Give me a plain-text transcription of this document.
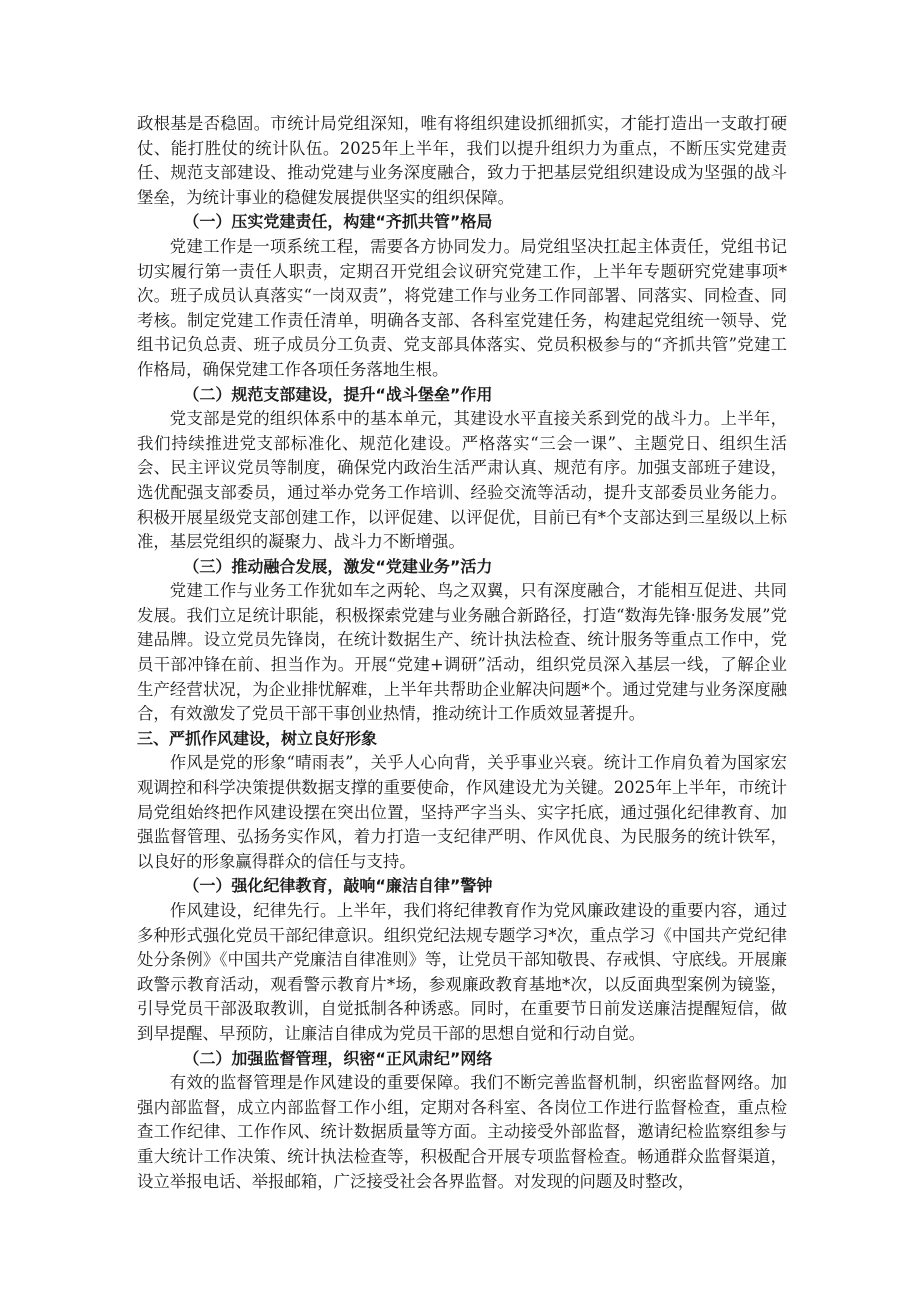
政根基是否稳固。市统计局党组深知，唯有将组织建设抓细抓实，才能打造出一支敢打硬仗、能打胜仗的统计队伍。2025年上半年，我们以提升组织力为重点，不断压实党建责任、规范支部建设、推动党建与业务深度融合，致力于把基层党组织建设成为坚强的战斗堡垒，为统计事业的稳健发展提供坚实的组织保障。

（一）压实党建责任，构建“齐抓共管”格局

党建工作是一项系统工程，需要各方协同发力。局党组坚决扛起主体责任，党组书记切实履行第一责任人职责，定期召开党组会议研究党建工作，上半年专题研究党建事项*次。班子成员认真落实“一岗双责”，将党建工作与业务工作同部署、同落实、同检查、同考核。制定党建工作责任清单，明确各支部、各科室党建任务，构建起党组统一领导、党组书记负总责、班子成员分工负责、党支部具体落实、党员积极参与的“齐抓共管”党建工作格局，确保党建工作各项任务落地生根。

（二）规范支部建设，提升“战斗堡垒”作用

党支部是党的组织体系中的基本单元，其建设水平直接关系到党的战斗力。上半年，我们持续推进党支部标准化、规范化建设。严格落实“三会一课”、主题党日、组织生活会、民主评议党员等制度，确保党内政治生活严肃认真、规范有序。加强支部班子建设，选优配强支部委员，通过举办党务工作培训、经验交流等活动，提升支部委员业务能力。积极开展星级党支部创建工作，以评促建、以评促优，目前已有*个支部达到三星级以上标准，基层党组织的凝聚力、战斗力不断增强。

（三）推动融合发展，激发“党建业务”活力

党建工作与业务工作犹如车之两轮、鸟之双翼，只有深度融合，才能相互促进、共同发展。我们立足统计职能，积极探索党建与业务融合新路径，打造“数海先锋·服务发展”党建品牌。设立党员先锋岗，在统计数据生产、统计执法检查、统计服务等重点工作中，党员干部冲锋在前、担当作为。开展“党建+调研”活动，组织党员深入基层一线，了解企业生产经营状况，为企业排忧解难，上半年共帮助企业解决问题*个。通过党建与业务深度融合，有效激发了党员干部干事创业热情，推动统计工作质效显著提升。

三、严抓作风建设，树立良好形象

作风是党的形象“晴雨表”，关乎人心向背，关乎事业兴衰。统计工作肩负着为国家宏观调控和科学决策提供数据支撑的重要使命，作风建设尤为关键。2025年上半年，市统计局党组始终把作风建设摆在突出位置，坚持严字当头、实字托底，通过强化纪律教育、加强监督管理、弘扬务实作风，着力打造一支纪律严明、作风优良、为民服务的统计铁军，以良好的形象赢得群众的信任与支持。

（一）强化纪律教育，敲响“廉洁自律”警钟

作风建设，纪律先行。上半年，我们将纪律教育作为党风廉政建设的重要内容，通过多种形式强化党员干部纪律意识。组织党纪法规专题学习*次，重点学习《中国共产党纪律处分条例》《中国共产党廉洁自律准则》等，让党员干部知敬畏、存戒惧、守底线。开展廉政警示教育活动，观看警示教育片*场，参观廉政教育基地*次，以反面典型案例为镜鉴，引导党员干部汲取教训，自觉抵制各种诱惑。同时，在重要节日前发送廉洁提醒短信，做到早提醒、早预防，让廉洁自律成为党员干部的思想自觉和行动自觉。

（二）加强监督管理，织密“正风肃纪”网络

有效的监督管理是作风建设的重要保障。我们不断完善监督机制，织密监督网络。加强内部监督，成立内部监督工作小组，定期对各科室、各岗位工作进行监督检查，重点检查工作纪律、工作作风、统计数据质量等方面。主动接受外部监督，邀请纪检监察组参与重大统计工作决策、统计执法检查等，积极配合开展专项监督检查。畅通群众监督渠道，设立举报电话、举报邮箱，广泛接受社会各界监督。对发现的问题及时整改，
